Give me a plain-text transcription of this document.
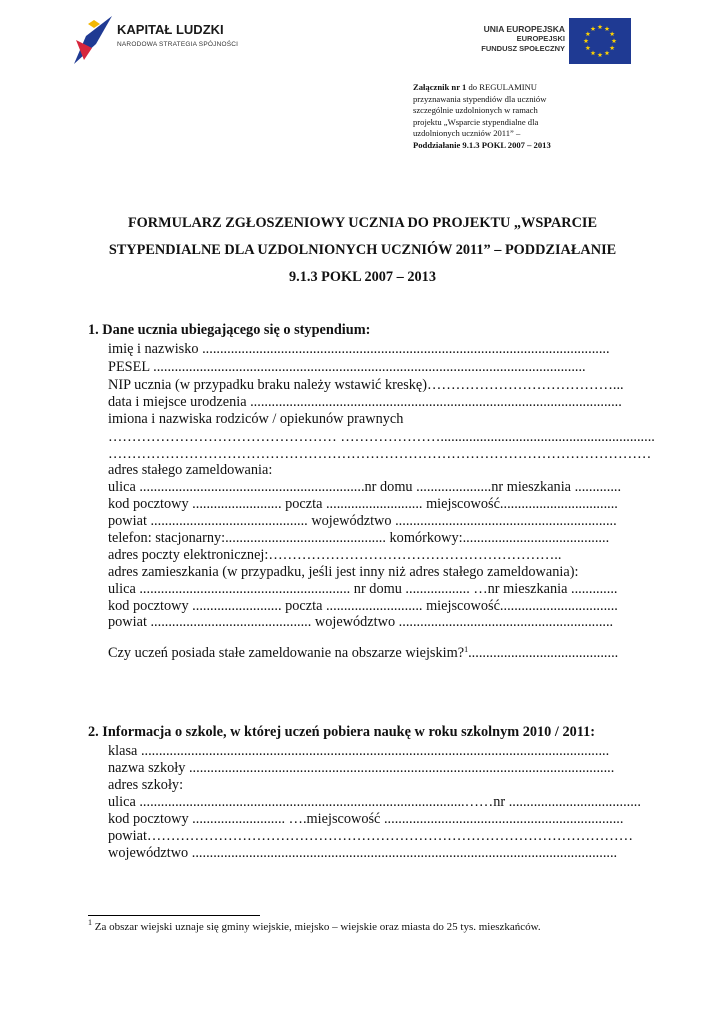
KAPITAŁ LUDZKI
NARODOWA STRATEGIA SPÓJNOŚCI
UNIA EUROPEJSKA
EUROPEJSKI
FUNDUSZ SPOŁECZNY
Załącznik nr 1 do REGULAMINU
przyznawania stypendiów dla uczniów
szczególnie uzdolnionych w ramach
projektu „Wsparcie stypendialne dla
uzdolnionych uczniów 2011” –
Poddziałanie 9.1.3 POKL 2007 – 2013
FORMULARZ ZGŁOSZENIOWY UCZNIA DO PROJEKTU „WSPARCIE
STYPENDIALNE DLA UZDOLNIONYCH UCZNIÓW 2011” – PODDZIAŁANIE
9.1.3 POKL 2007 – 2013
1. Dane ucznia ubiegającego się o stypendium:
imię i nazwisko ..................................................................................................................
PESEL .........................................................................................................................
NIP ucznia (w przypadku braku należy wstawić kreskę)…………………………………...
data i miejsce urodzenia ........................................................................................................
imiona i nazwiska rodziców / opiekunów prawnych
………………………………………… …………………............................................................
……………………………………………………………………………………………………
adres stałego zameldowania:
ulica ...............................................................nr domu .....................nr mieszkania .............
kod pocztowy ......................... poczta ........................... miejscowość.................................
powiat ............................................ województwo ..............................................................
telefon: stacjonarny:............................................. komórkowy:.........................................
adres poczty elektronicznej:……………………………………………………..
adres zamieszkania (w przypadku, jeśli jest inny niż adres stałego zameldowania):
ulica ........................................................... nr domu .................. …nr mieszkania .............
kod pocztowy ......................... poczta ........................... miejscowość.................................
powiat ............................................. województwo ............................................................
Czy uczeń posiada stałe zameldowanie na obszarze wiejskim?$^1$..........................................
2. Informacja o szkole, w której uczeń pobiera naukę w roku szkolnym 2010 / 2011:
klasa ...................................................................................................................................
nazwa szkoły .......................................................................................................................
adres szkoły:
ulica ...........................................................................................……nr .....................................
kod pocztowy .......................... ….miejscowość ...................................................................
powiat…………………………………………………………………………………………
województwo .......................................................................................................................
$^1$ Za obszar wiejski uznaje się gminy wiejskie, miejsko – wiejskie oraz miasta do 25 tys. mieszkańców.
